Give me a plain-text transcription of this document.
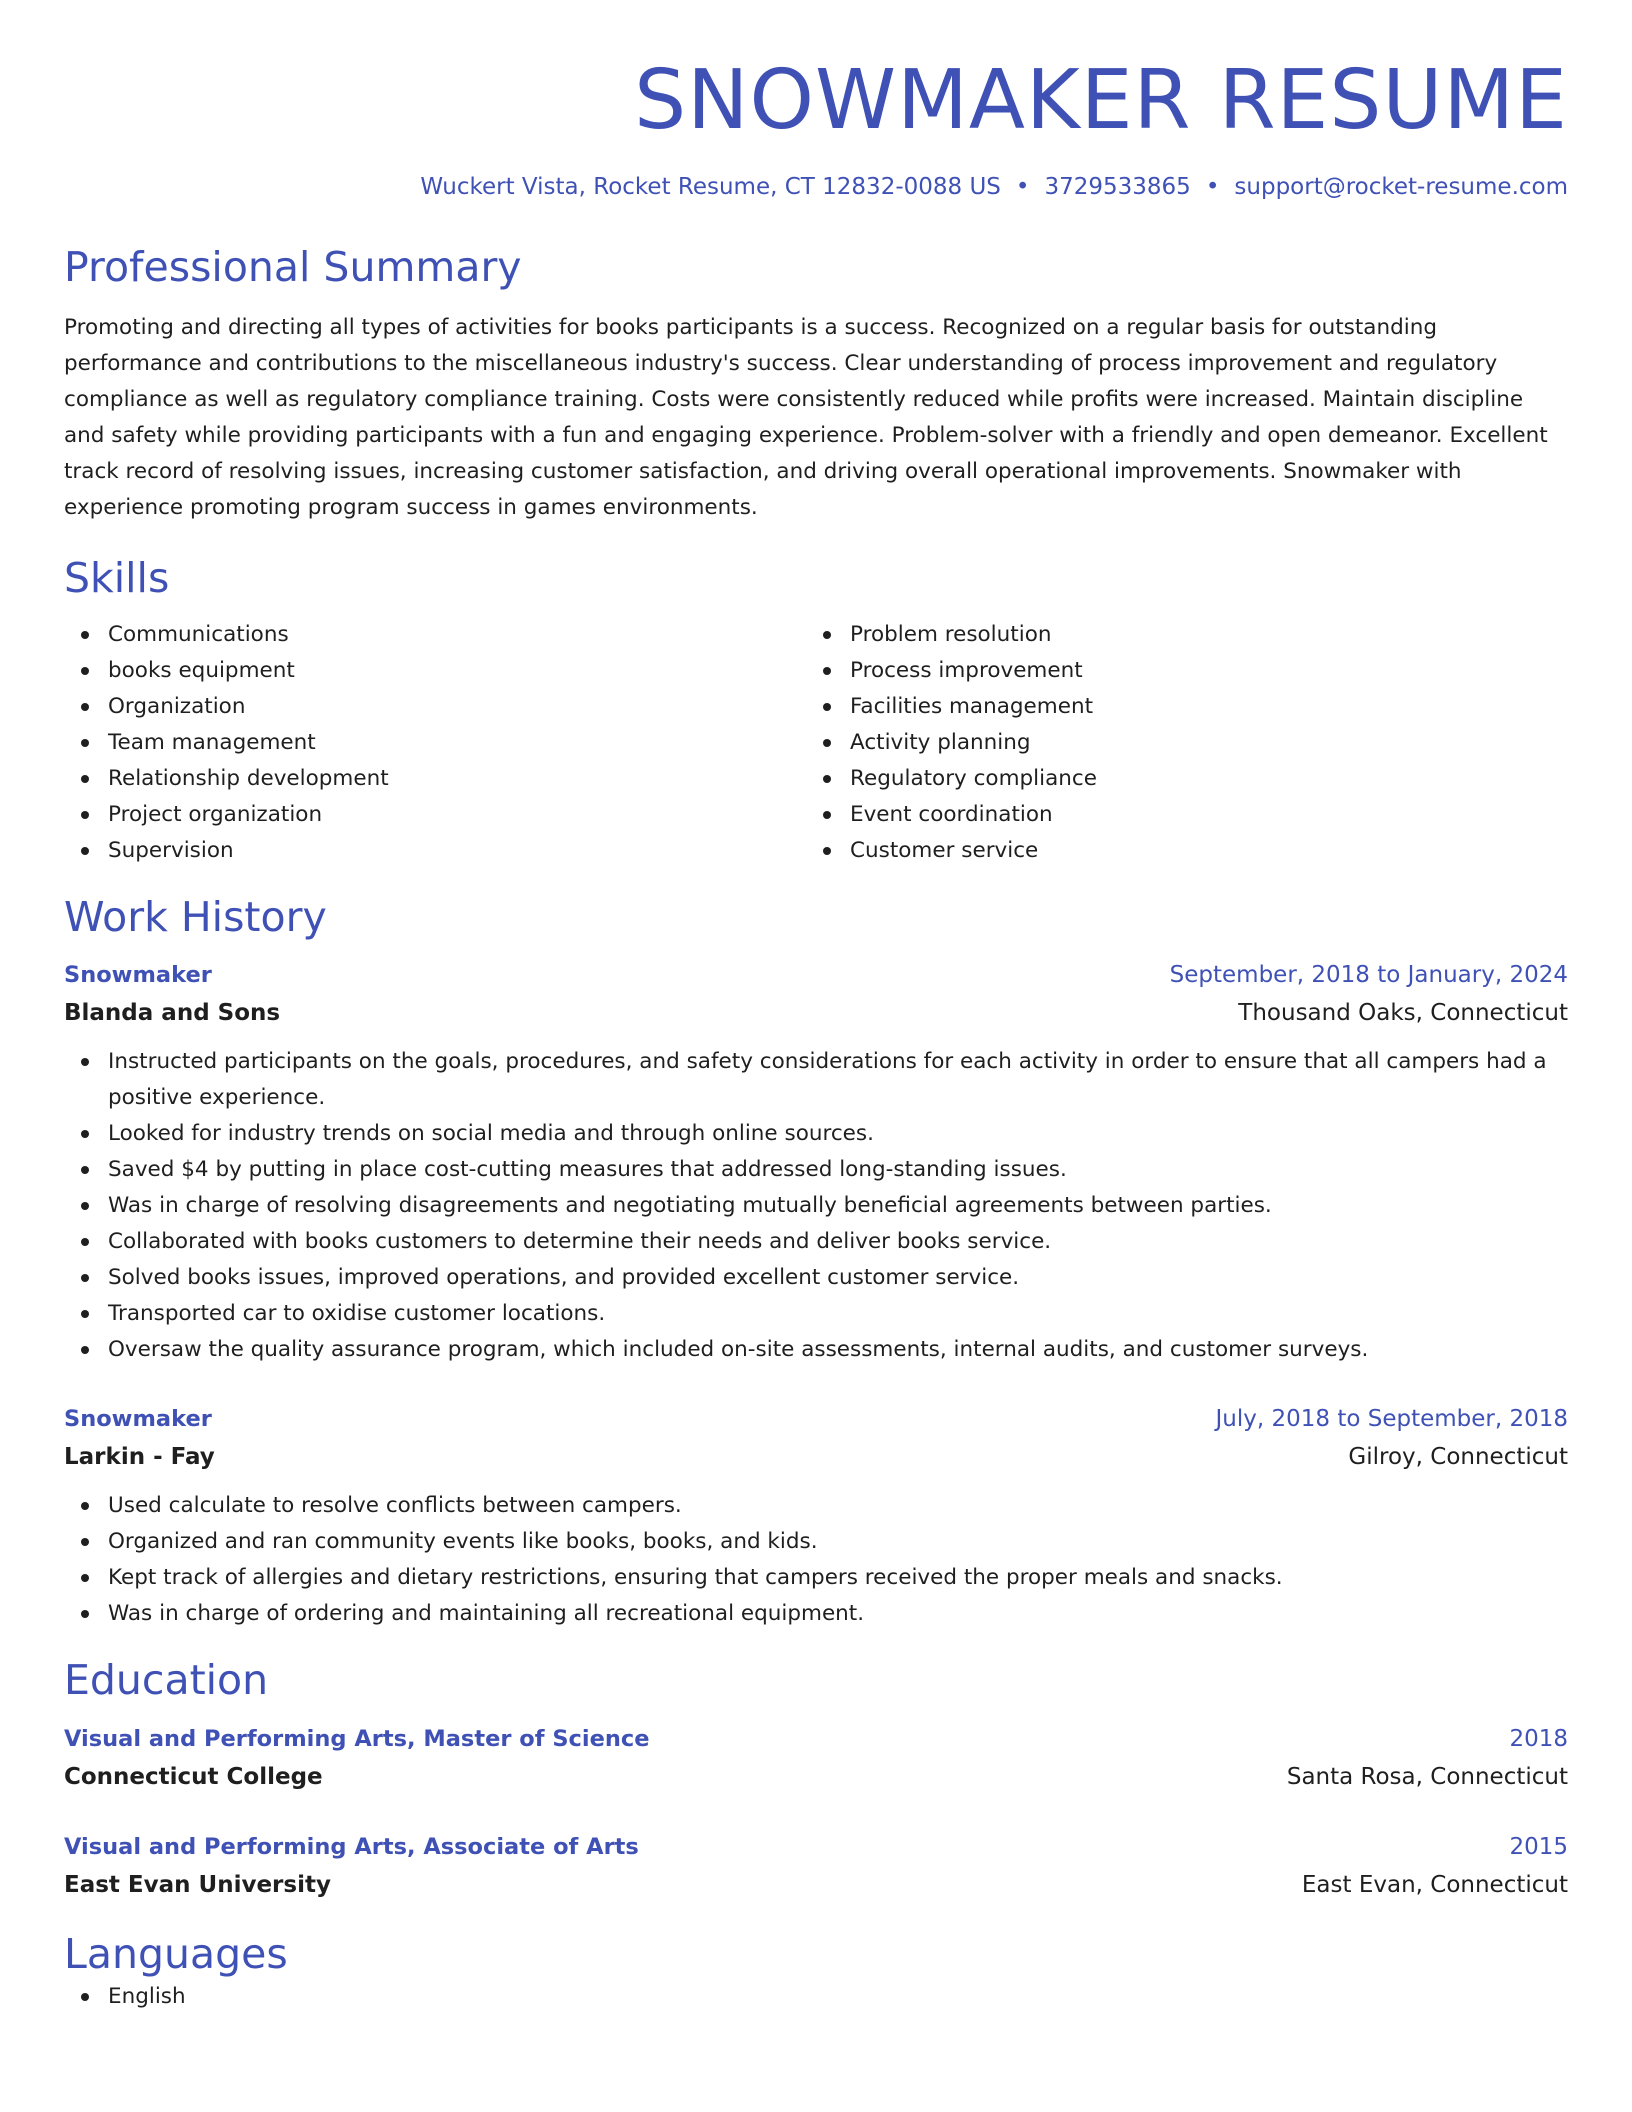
SNOWMAKER RESUME
Wuckert Vista, Rocket Resume, CT 12832-0088 US • 3729533865 • support@rocket-resume.com
Professional Summary
Promoting and directing all types of activities for books participants is a success. Recognized on a regular basis for outstanding performance and contributions to the miscellaneous industry's success. Clear understanding of process improvement and regulatory compliance as well as regulatory compliance training. Costs were consistently reduced while profits were increased. Maintain discipline and safety while providing participants with a fun and engaging experience. Problem-solver with a friendly and open demeanor. Excellent track record of resolving issues, increasing customer satisfaction, and driving overall operational improvements. Snowmaker with experience promoting program success in games environments.
Skills
Communications
books equipment
Organization
Team management
Relationship development
Project organization
Supervision
Problem resolution
Process improvement
Facilities management
Activity planning
Regulatory compliance
Event coordination
Customer service
Work History
Snowmaker	September, 2018 to January, 2024
Blanda and Sons	Thousand Oaks, Connecticut
Instructed participants on the goals, procedures, and safety considerations for each activity in order to ensure that all campers had a positive experience.
Looked for industry trends on social media and through online sources.
Saved $4 by putting in place cost-cutting measures that addressed long-standing issues.
Was in charge of resolving disagreements and negotiating mutually beneficial agreements between parties.
Collaborated with books customers to determine their needs and deliver books service.
Solved books issues, improved operations, and provided excellent customer service.
Transported car to oxidise customer locations.
Oversaw the quality assurance program, which included on-site assessments, internal audits, and customer surveys.
Snowmaker	July, 2018 to September, 2018
Larkin - Fay	Gilroy, Connecticut
Used calculate to resolve conflicts between campers.
Organized and ran community events like books, books, and kids.
Kept track of allergies and dietary restrictions, ensuring that campers received the proper meals and snacks.
Was in charge of ordering and maintaining all recreational equipment.
Education
Visual and Performing Arts, Master of Science	2018
Connecticut College	Santa Rosa, Connecticut
Visual and Performing Arts, Associate of Arts	2015
East Evan University	East Evan, Connecticut
Languages
English
